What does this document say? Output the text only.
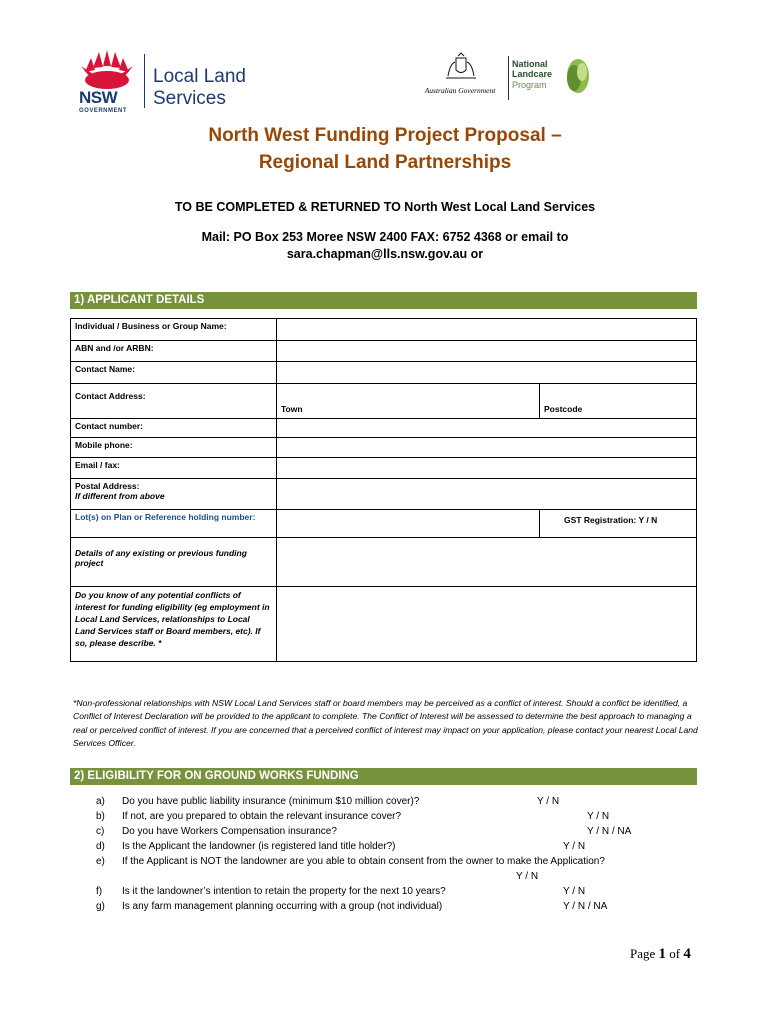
NSW
GOVERNMENT
Local Land
Services	Australian Government
National
Landcare
Program
North West Funding Project Proposal –
Regional Land Partnerships
TO BE COMPLETED & RETURNED TO North West Local Land Services
Mail: PO Box 253 Moree NSW 2400 FAX: 6752 4368 or email to
sara.chapman@lls.nsw.gov.au or
1) APPLICANT DETAILS
Individual / Business or Group Name:		
ABN and /or ARBN:		
Contact Name:		
Contact Address:	Town	Postcode

Contact number:		
Mobile phone:		
Email / fax:		

Postal Address:
If different from above		

Lot(s) on Plan or Reference holding number:		GST Registration: Y / N
Details of any existing or previous funding project		
Do you know of any potential conflicts of interest for funding eligibility (eg employment in Local Land Services, relationships to Local Land Services staff or Board members, etc). If so, please describe. *		
*Non-professional relationships with NSW Local Land Services staff or board members may be perceived as a conflict of interest. Should a conflict be identified, a Conflict of Interest Declaration will be provided to the applicant to complete. The Conflict of Interest will be assessed to determine the best approach to managing a real or perceived conflict of interest. If you are concerned that a perceived conflict of interest may impact on your application, please contact your nearest Local Land Services Officer.
2) ELIGIBILITY FOR ON GROUND WORKS FUNDING
a) Do you have public liability insurance (minimum $10 million cover)?	Y / N
b) If not, are you prepared to obtain the relevant insurance cover?	Y / N
c) Do you have Workers Compensation insurance?	Y / N / NA
d) Is the Applicant the landowner (is registered land title holder?)	Y / N
e) If the Applicant is NOT the landowner are you able to obtain consent from the owner to make the Application?
Y / N
f) Is it the landowner’s intention to retain the property for the next 10 years?	Y / N
g) Is any farm management planning occurring with a group (not individual)	Y / N / NA
Page 1 of 4
